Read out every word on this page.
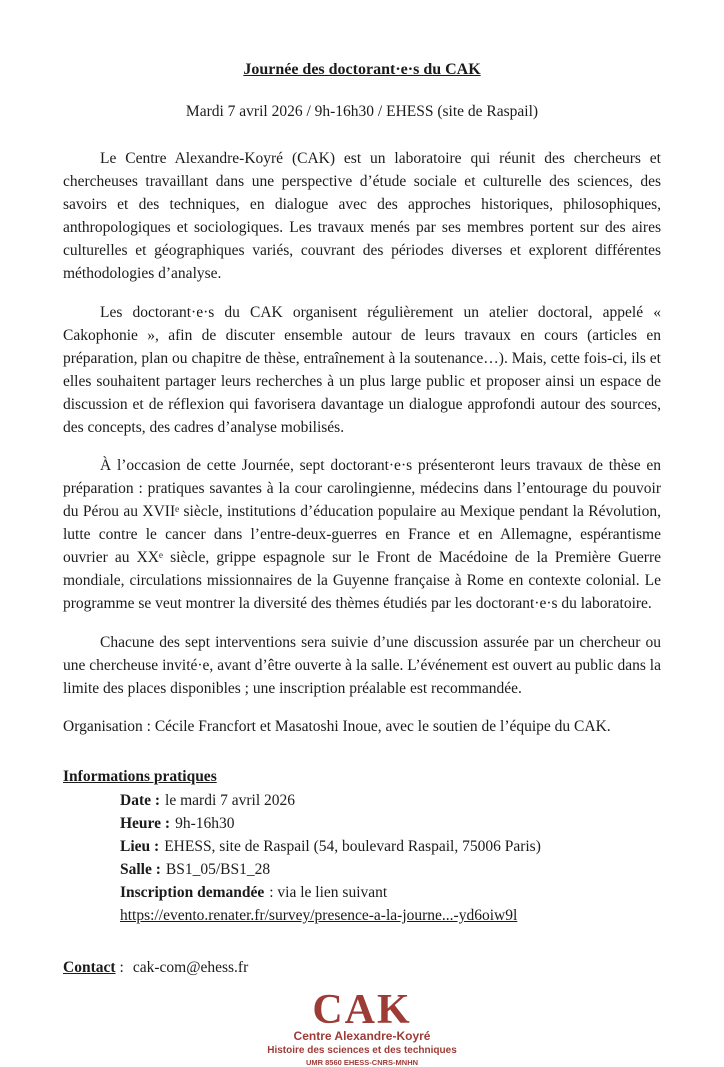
Journée des doctorant·e·s du CAK
Mardi 7 avril 2026 / 9h-16h30 / EHESS (site de Raspail)

Le Centre Alexandre-Koyré (CAK) est un laboratoire qui réunit des chercheurs et chercheuses travaillant dans une perspective d’étude sociale et culturelle des sciences, des savoirs et des techniques, en dialogue avec des approches historiques, philosophiques, anthropologiques et sociologiques. Les travaux menés par ses membres portent sur des aires culturelles et géographiques variés, couvrant des périodes diverses et explorent différentes méthodologies d’analyse.

Les doctorant·e·s du CAK organisent régulièrement un atelier doctoral, appelé « Cakophonie », afin de discuter ensemble autour de leurs travaux en cours (articles en préparation, plan ou chapitre de thèse, entraînement à la soutenance…). Mais, cette fois-ci, ils et elles souhaitent partager leurs recherches à un plus large public et proposer ainsi un espace de discussion et de réflexion qui favorisera davantage un dialogue approfondi autour des sources, des concepts, des cadres d’analyse mobilisés.

À l’occasion de cette Journée, sept doctorant·e·s présenteront leurs travaux de thèse en préparation : pratiques savantes à la cour carolingienne, médecins dans l’entourage du pouvoir du Pérou au XVIIᵉ siècle, institutions d’éducation populaire au Mexique pendant la Révolution, lutte contre le cancer dans l’entre-deux-guerres en France et en Allemagne, espérantisme ouvrier au XXᵉ siècle, grippe espagnole sur le Front de Macédoine de la Première Guerre mondiale, circulations missionnaires de la Guyenne française à Rome en contexte colonial. Le programme se veut montrer la diversité des thèmes étudiés par les doctorant·e·s du laboratoire.

Chacune des sept interventions sera suivie d’une discussion assurée par un chercheur ou une chercheuse invité·e, avant d’être ouverte à la salle. L’événement est ouvert au public dans la limite des places disponibles ; une inscription préalable est recommandée.

Organisation : Cécile Francfort et Masatoshi Inoue, avec le soutien de l’équipe du CAK.
Informations pratiques
Date : le mardi 7 avril 2026
Heure : 9h-16h30
Lieu : EHESS, site de Raspail (54, boulevard Raspail, 75006 Paris)
Salle : BS1_05/BS1_28
Inscription demandée : via le lien suivant
https://evento.renater.fr/survey/presence-a-la-journe...-yd6oiw9l
Contact : cak-com@ehess.fr
CAK
Centre Alexandre-Koyré
Histoire des sciences et des techniques
UMR 8560 EHESS-CNRS-MNHN
